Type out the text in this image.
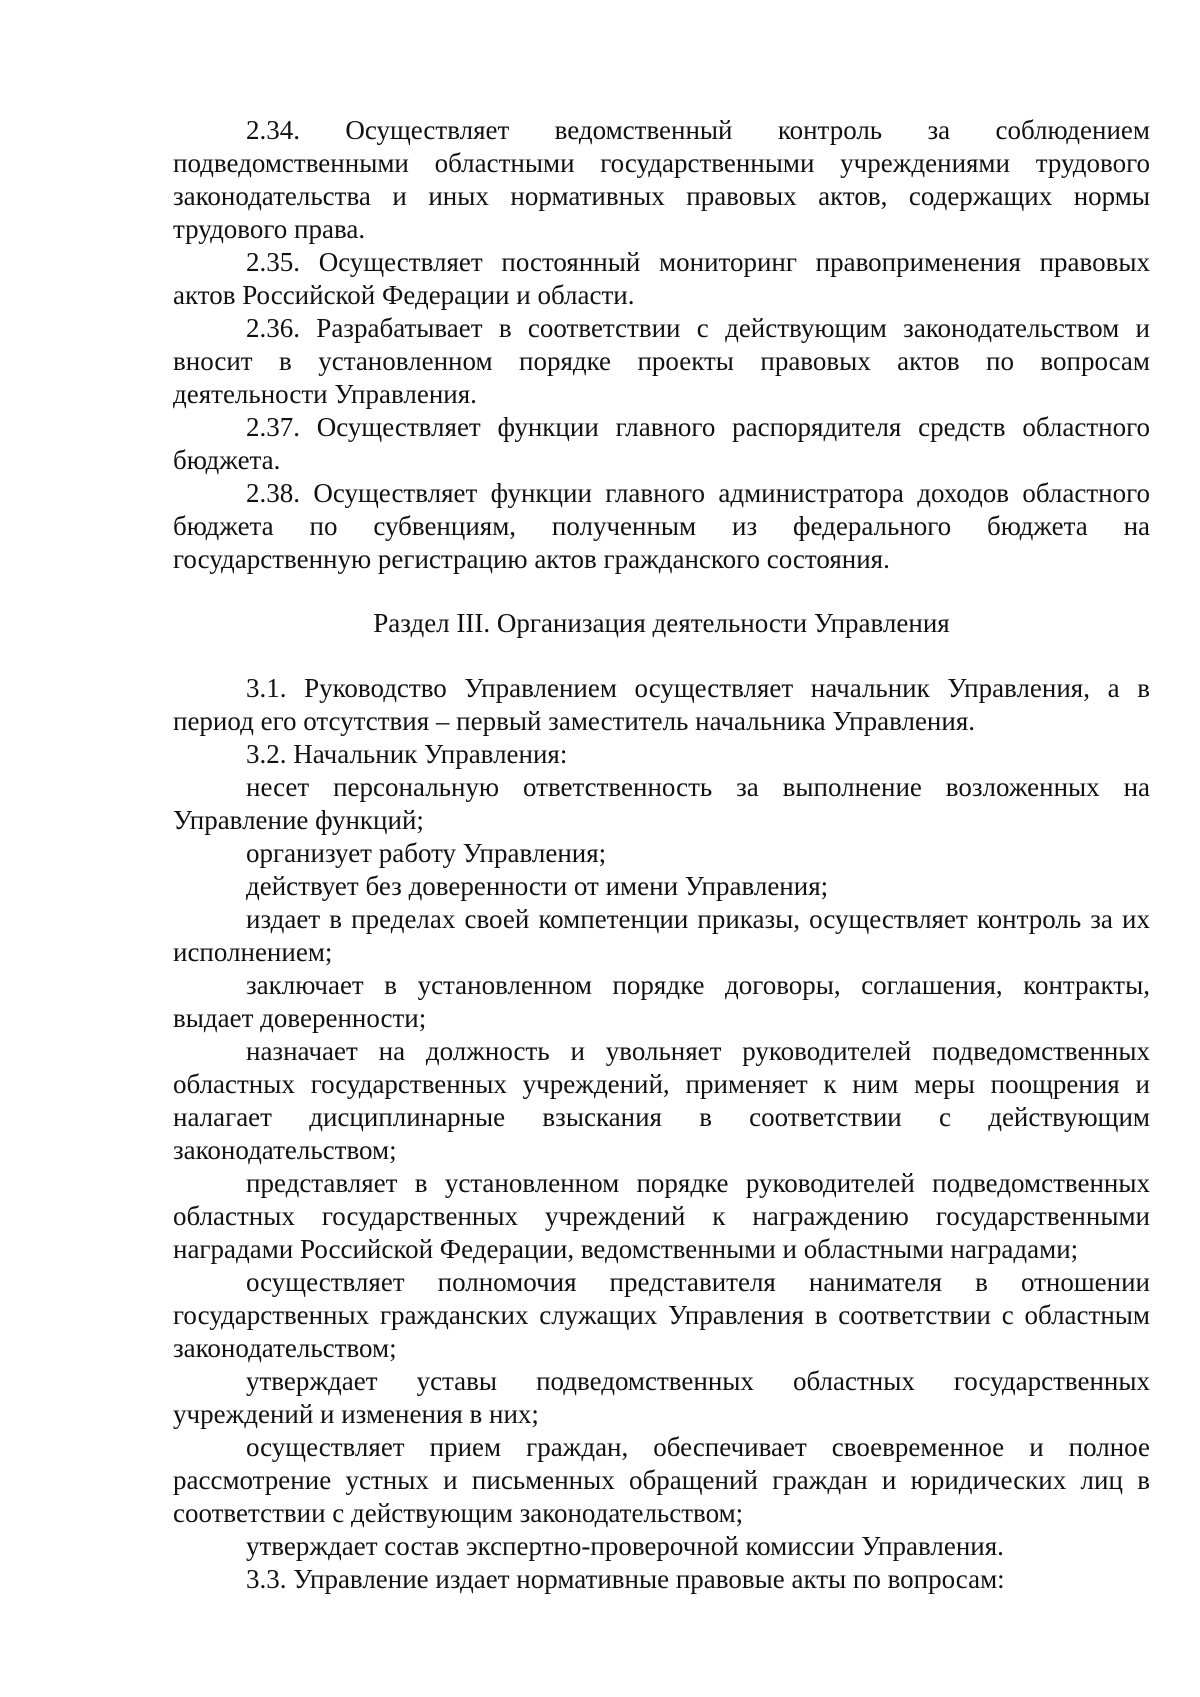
2.34. Осуществляет ведомственный контроль за соблюдением подведомственными областными государственными учреждениями трудового законодательства и иных нормативных правовых актов, содержащих нормы трудового права.

2.35. Осуществляет постоянный мониторинг правоприменения правовых актов Российской Федерации и области.

2.36. Разрабатывает в соответствии с действующим законодательством и вносит в установленном порядке проекты правовых актов по вопросам деятельности Управления.

2.37. Осуществляет функции главного распорядителя средств областного бюджета.

2.38. Осуществляет функции главного администратора доходов областного бюджета по субвенциям, полученным из федерального бюджета на государственную регистрацию актов гражданского состояния.

Раздел III. Организация деятельности Управления

3.1. Руководство Управлением осуществляет начальник Управления, а в период его отсутствия – первый заместитель начальника Управления.

3.2. Начальник Управления:

несет персональную ответственность за выполнение возложенных на Управление функций;

организует работу Управления;

действует без доверенности от имени Управления;

издает в пределах своей компетенции приказы, осуществляет контроль за их исполнением;

заключает в установленном порядке договоры, соглашения, контракты, выдает доверенности;

назначает на должность и увольняет руководителей подведомственных областных государственных учреждений, применяет к ним меры поощрения и налагает дисциплинарные взыскания в соответствии с действующим законодательством;

представляет в установленном порядке руководителей подведомственных областных государственных учреждений к награждению государственными наградами Российской Федерации, ведомственными и областными наградами;

осуществляет полномочия представителя нанимателя в отношении государственных гражданских служащих Управления в соответствии с областным законодательством;

утверждает уставы подведомственных областных государственных учреждений и изменения в них;

осуществляет прием граждан, обеспечивает своевременное и полное рассмотрение устных и письменных обращений граждан и юридических лиц в соответствии с действующим законодательством;

утверждает состав экспертно-проверочной комиссии Управления.

3.3. Управление издает нормативные правовые акты по вопросам:
